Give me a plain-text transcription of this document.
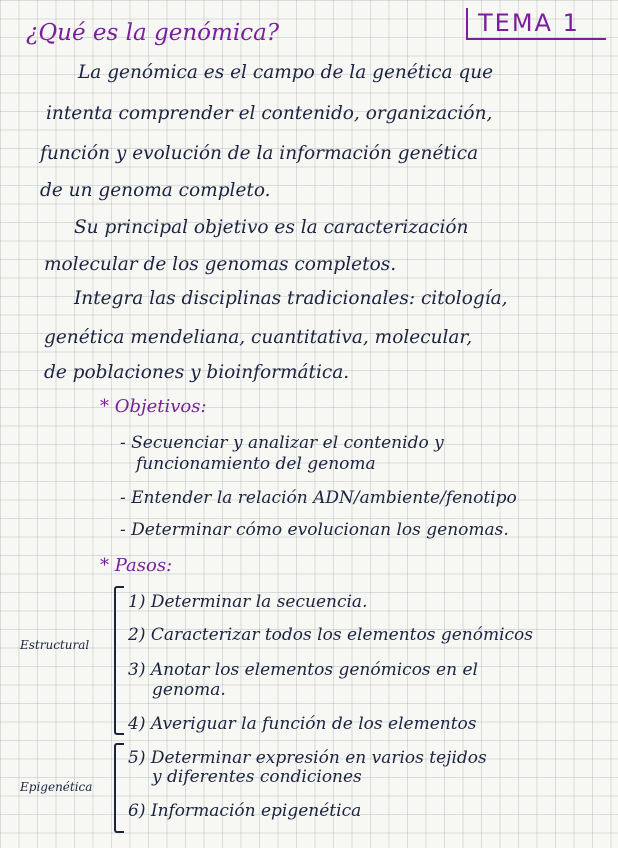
¿Qué es la genómica?	TEMA 1
La genómica es el campo de la genética que
intenta comprender el contenido, organización,
función y evolución de la información genética
de un genoma completo.
Su principal objetivo es la caracterización
molecular de los genomas completos.
Integra las disciplinas tradicionales: citología,
genética mendeliana, cuantitativa, molecular,
de poblaciones y bioinformática.
* Objetivos:
- Secuenciar y analizar el contenido y
funcionamiento del genoma
- Entender la relación ADN/ambiente/fenotipo
- Determinar cómo evolucionan los genomas.
* Pasos:
Estructural
Epigenética
1) Determinar la secuencia.
2) Caracterizar todos los elementos genómicos
3) Anotar los elementos genómicos en el
genoma.
4) Averiguar la función de los elementos
5) Determinar expresión en varios tejidos
y diferentes condiciones
6) Información epigenética
